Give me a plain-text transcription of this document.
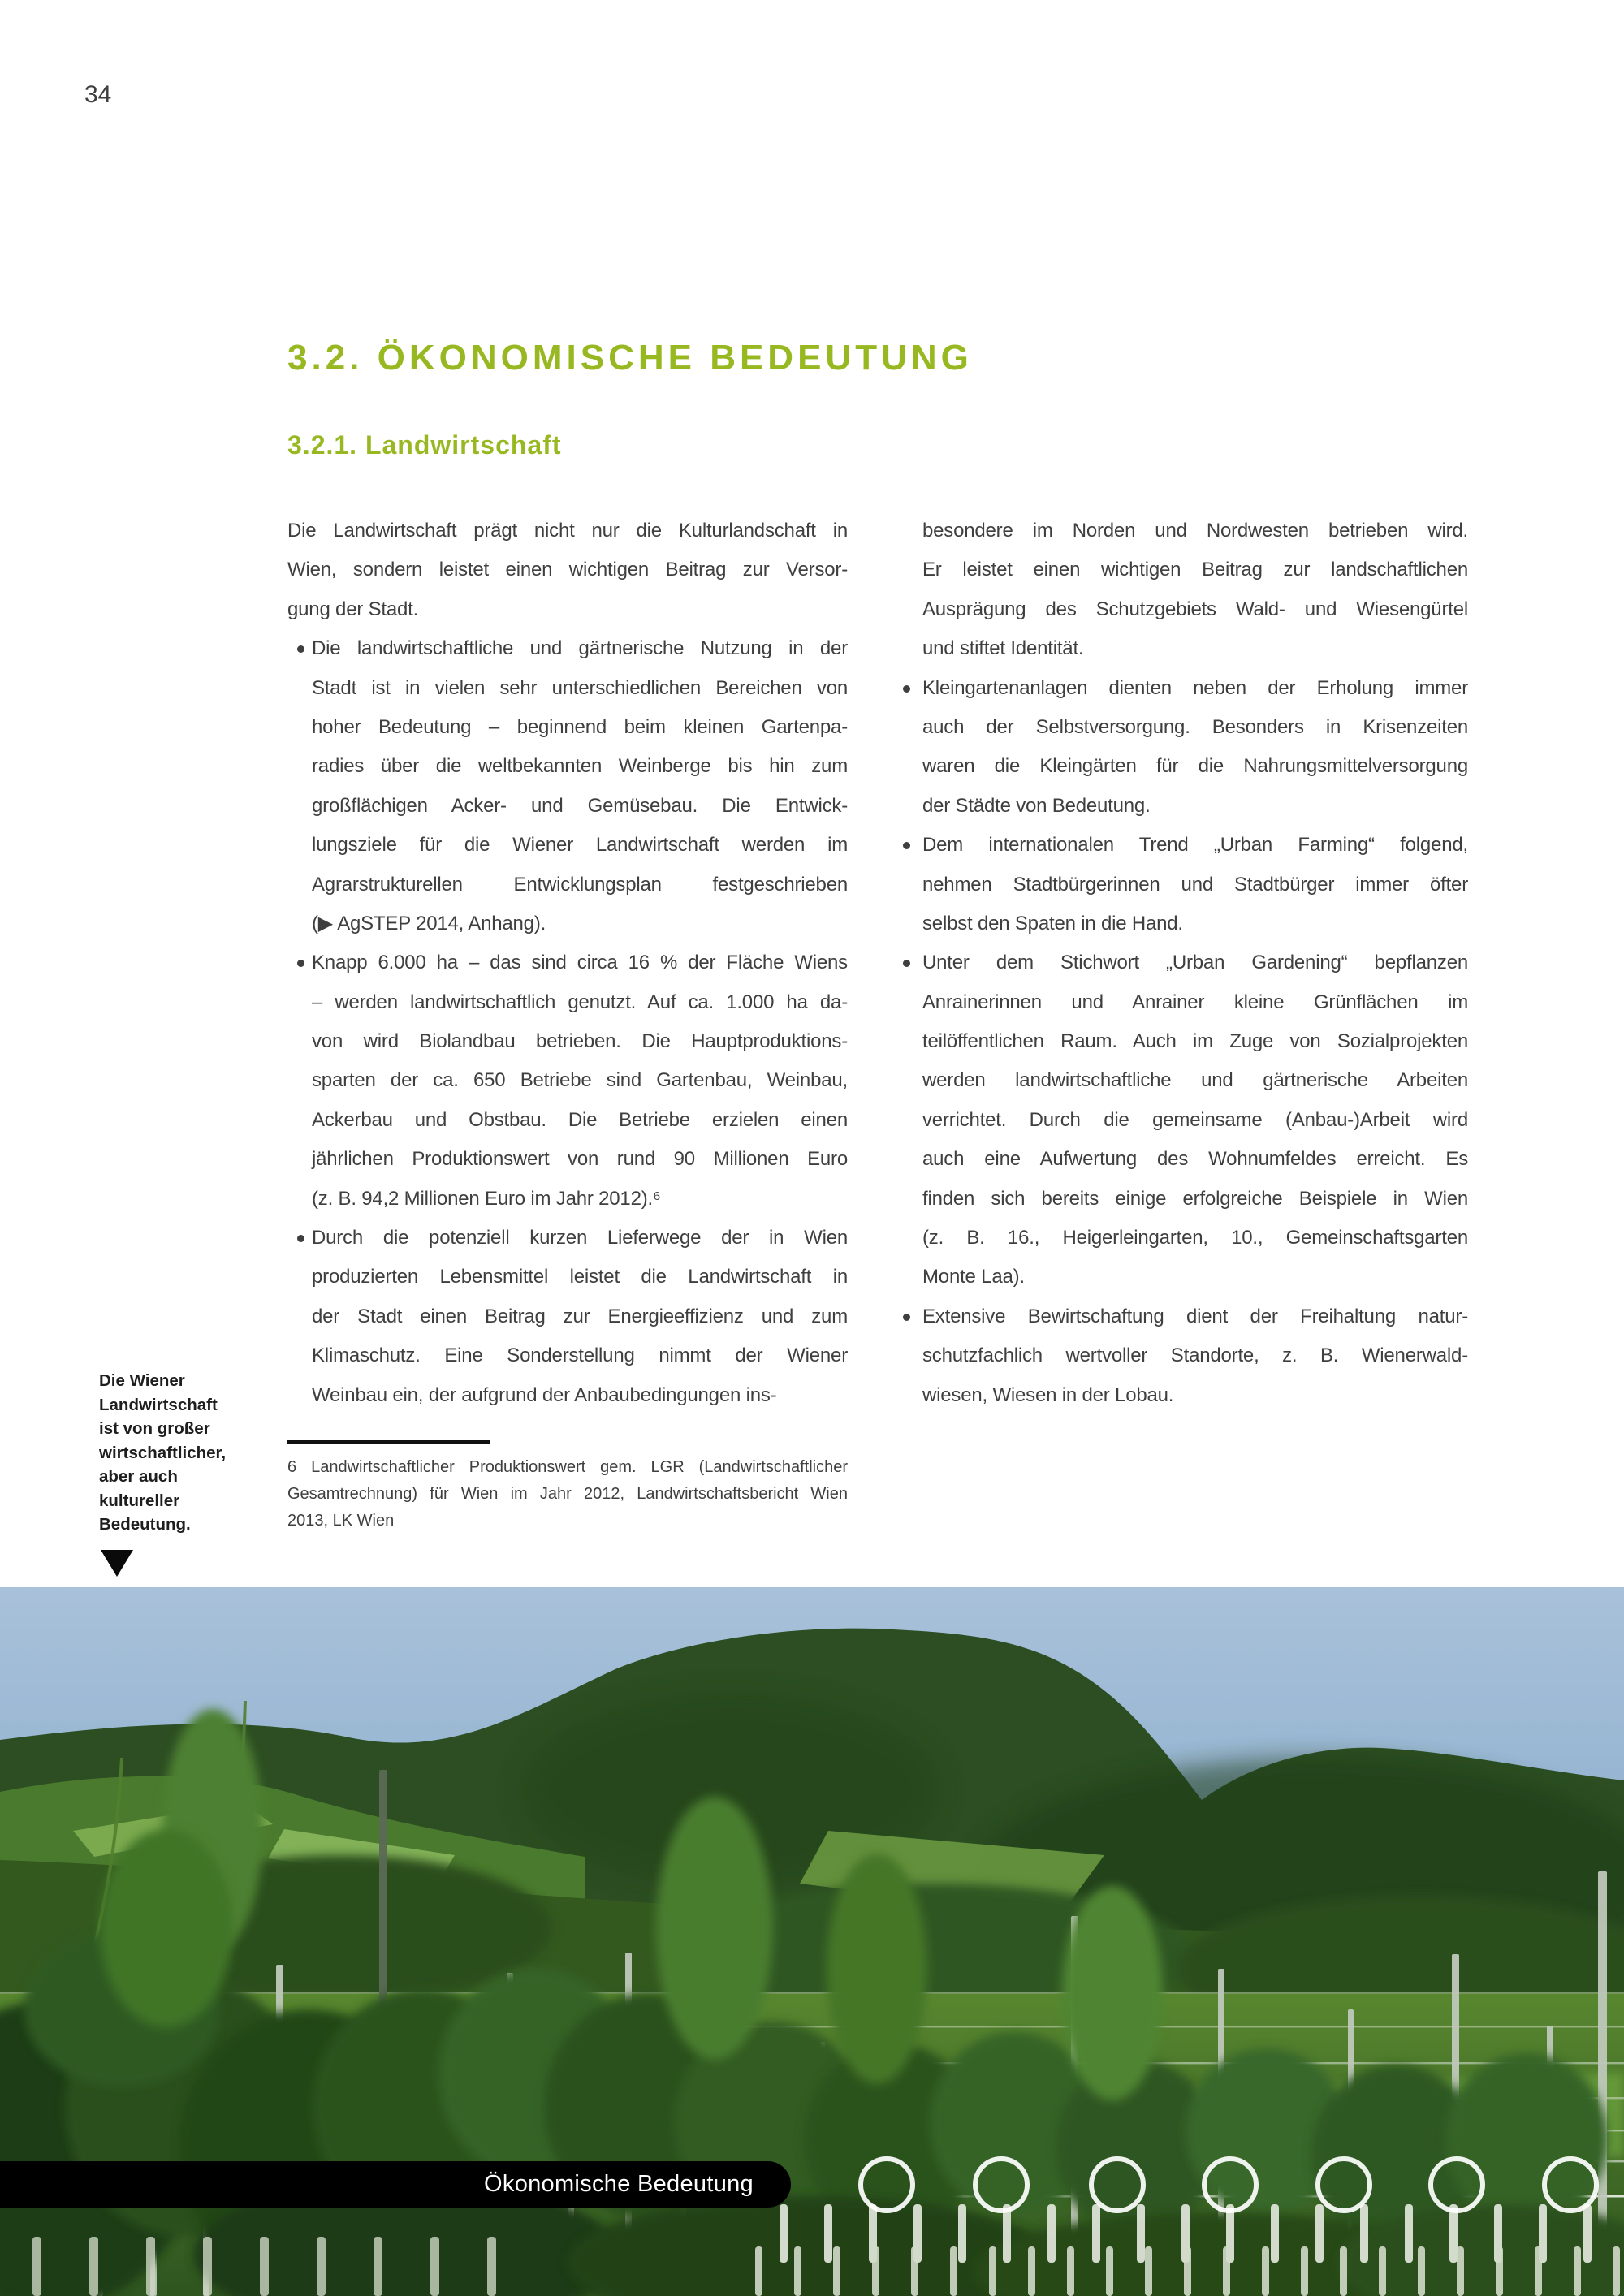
34
3.2. ÖKONOMISCHE BEDEUTUNG
3.2.1. Landwirtschaft
Die Landwirtschaft prägt nicht nur die Kulturlandschaft in
Wien, sondern leistet einen wichtigen Beitrag zur Versor-
gung der Stadt.
Die landwirtschaftliche und gärtnerische Nutzung in der
Stadt ist in vielen sehr unterschiedlichen Bereichen von
hoher Bedeutung – beginnend beim kleinen Gartenpa-
radies über die weltbekannten Weinberge bis hin zum
großflächigen Acker- und Gemüsebau. Die Entwick-
lungsziele für die Wiener Landwirtschaft werden im
Agrarstrukturellen Entwicklungsplan festgeschrieben
(▶ AgSTEP 2014, Anhang).
Knapp 6.000 ha – das sind circa 16 % der Fläche Wiens
– werden landwirtschaftlich genutzt. Auf ca. 1.000 ha da-
von wird Biolandbau betrieben. Die Hauptproduktions-
sparten der ca. 650 Betriebe sind Gartenbau, Weinbau,
Ackerbau und Obstbau. Die Betriebe erzielen einen
jährlichen Produktionswert von rund 90 Millionen Euro
(z. B. 94,2 Millionen Euro im Jahr 2012).⁶
Durch die potenziell kurzen Lieferwege der in Wien
produzierten Lebensmittel leistet die Landwirtschaft in
der Stadt einen Beitrag zur Energieeffizienz und zum
Klimaschutz. Eine Sonderstellung nimmt der Wiener
Weinbau ein, der aufgrund der Anbaubedingungen ins-
besondere im Norden und Nordwesten betrieben wird.
Er leistet einen wichtigen Beitrag zur landschaftlichen
Ausprägung des Schutzgebiets Wald- und Wiesengürtel
und stiftet Identität.
Kleingartenanlagen dienten neben der Erholung immer
auch der Selbstversorgung. Besonders in Krisenzeiten
waren die Kleingärten für die Nahrungsmittelversorgung
der Städte von Bedeutung.
Dem internationalen Trend „Urban Farming“ folgend,
nehmen Stadtbürgerinnen und Stadtbürger immer öfter
selbst den Spaten in die Hand.
Unter dem Stichwort „Urban Gardening“ bepflanzen
Anrainerinnen und Anrainer kleine Grünflächen im
teilöffentlichen Raum. Auch im Zuge von Sozialprojekten
werden landwirtschaftliche und gärtnerische Arbeiten
verrichtet. Durch die gemeinsame (Anbau-)Arbeit wird
auch eine Aufwertung des Wohnumfeldes erreicht. Es
finden sich bereits einige erfolgreiche Beispiele in Wien
(z. B. 16., Heigerleingarten, 10., Gemeinschaftsgarten
Monte Laa).
Extensive Bewirtschaftung dient der Freihaltung natur-
schutzfachlich wertvoller Standorte, z. B. Wienerwald-
wiesen, Wiesen in der Lobau.
Die Wiener
Landwirtschaft
ist von großer
wirtschaftlicher,
aber auch
kultureller
Bedeutung.
6 Landwirtschaftlicher Produktionswert gem. LGR (Landwirtschaftlicher
Gesamtrechnung) für Wien im Jahr 2012, Landwirtschaftsbericht Wien
2013, LK Wien
Ökonomische Bedeutung
